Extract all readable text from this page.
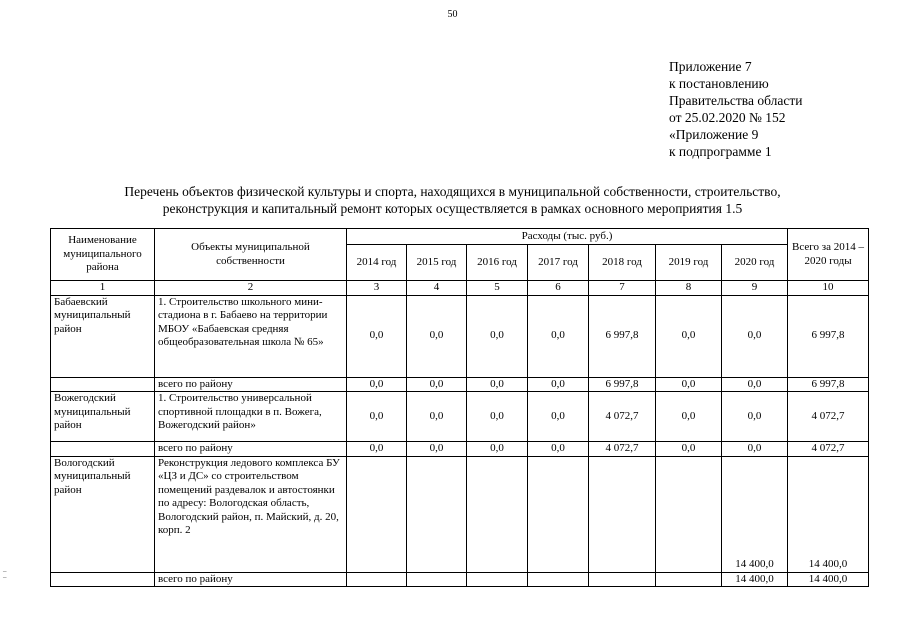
50
Приложение 7
к постановлению
Правительства области
от 25.02.2020 № 152
«Приложение 9
к подпрограмме 1
Перечень объектов физической культуры и спорта, находящихся в муниципальной собственности, строительство,
реконструкция и капитальный ремонт которых осуществляется в рамках основного мероприятия 1.5
Наименование муниципального района	Объекты муниципальной собственности	Расходы (тыс. руб.)							Всего за 2014 – 2020 годы
		2014 год	2015 год	2016 год	2017 год	2018 год	2019 год	2020 год	
1	2	3	4	5	6	7	8	9	10
Бабаевский муниципальный район	1. Строительство школьного мини-стадиона в г. Бабаево на территории МБОУ «Бабаевская средняя общеобразовательная школа № 65»	0,0	0,0	0,0	0,0	6 997,8	0,0	0,0	6 997,8
	всего по району	0,0	0,0	0,0	0,0	6 997,8	0,0	0,0	6 997,8
Вожегодский муниципальный район	1. Строительство универсальной спортивной площадки в п. Вожега, Вожегодский район»	0,0	0,0	0,0	0,0	4 072,7	0,0	0,0	4 072,7
	всего по району	0,0	0,0	0,0	0,0	4 072,7	0,0	0,0	4 072,7
Вологодский муниципальный район	Реконструкция ледового комплекса БУ «ЦЗ и ДС» со строительством помещений раздевалок и автостоянки по адресу: Вологодская область, Вологодский район, п. Майский, д. 20, корп. 2							14 400,0	14 400,0
	всего по району							14 400,0	14 400,0
–
–
